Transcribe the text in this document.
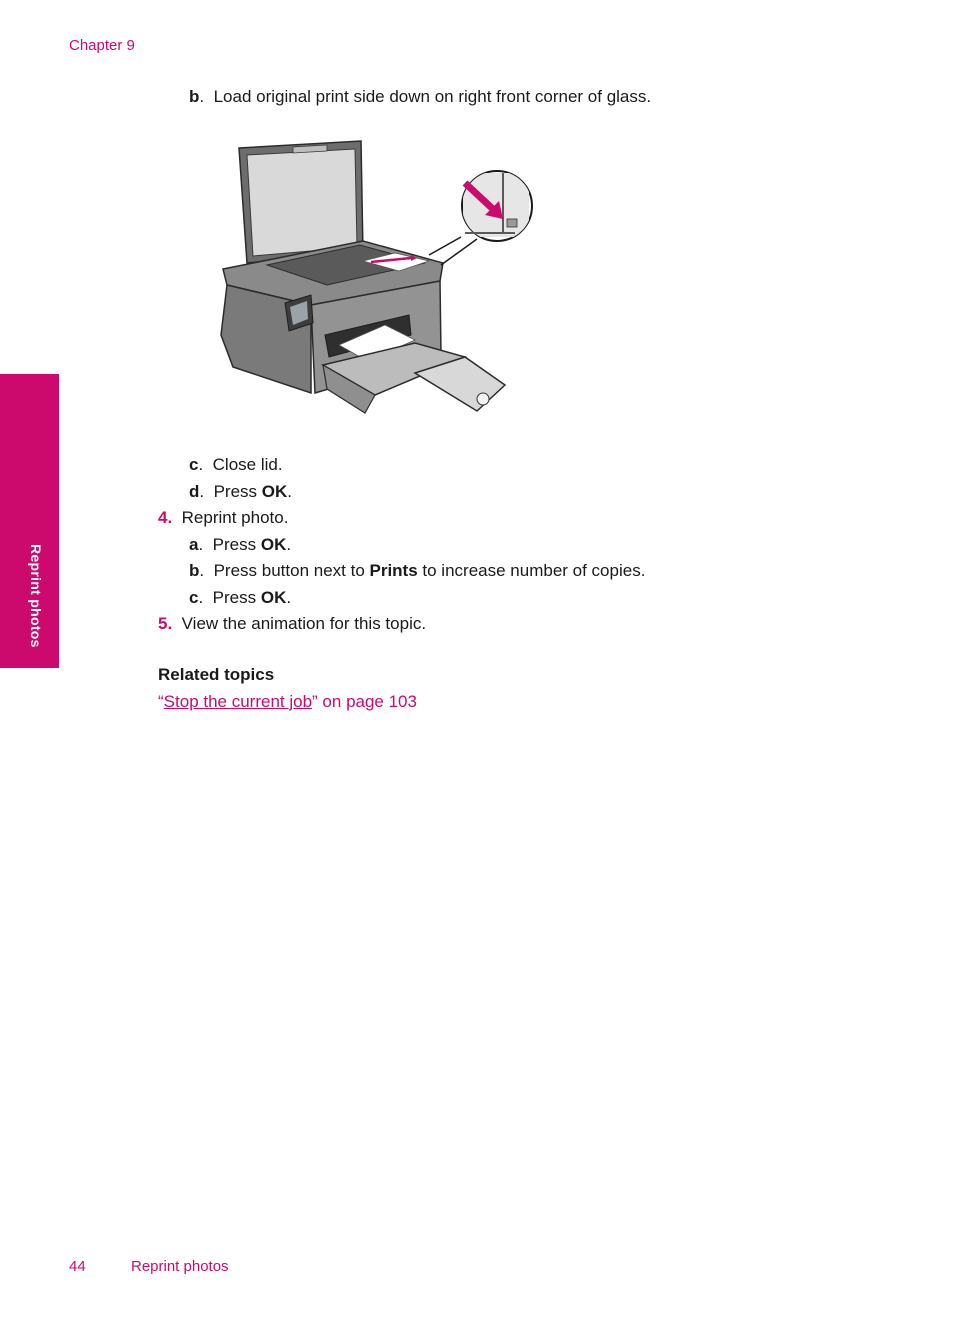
Chapter 9
b. Load original print side down on right front corner of glass.
c. Close lid.
d. Press OK.
4. Reprint photo.
a. Press OK.
b. Press button next to Prints to increase number of copies.
c. Press OK.
5. View the animation for this topic.
Related topics
“Stop the current job” on page 103
Reprint photos
44	Reprint photos
